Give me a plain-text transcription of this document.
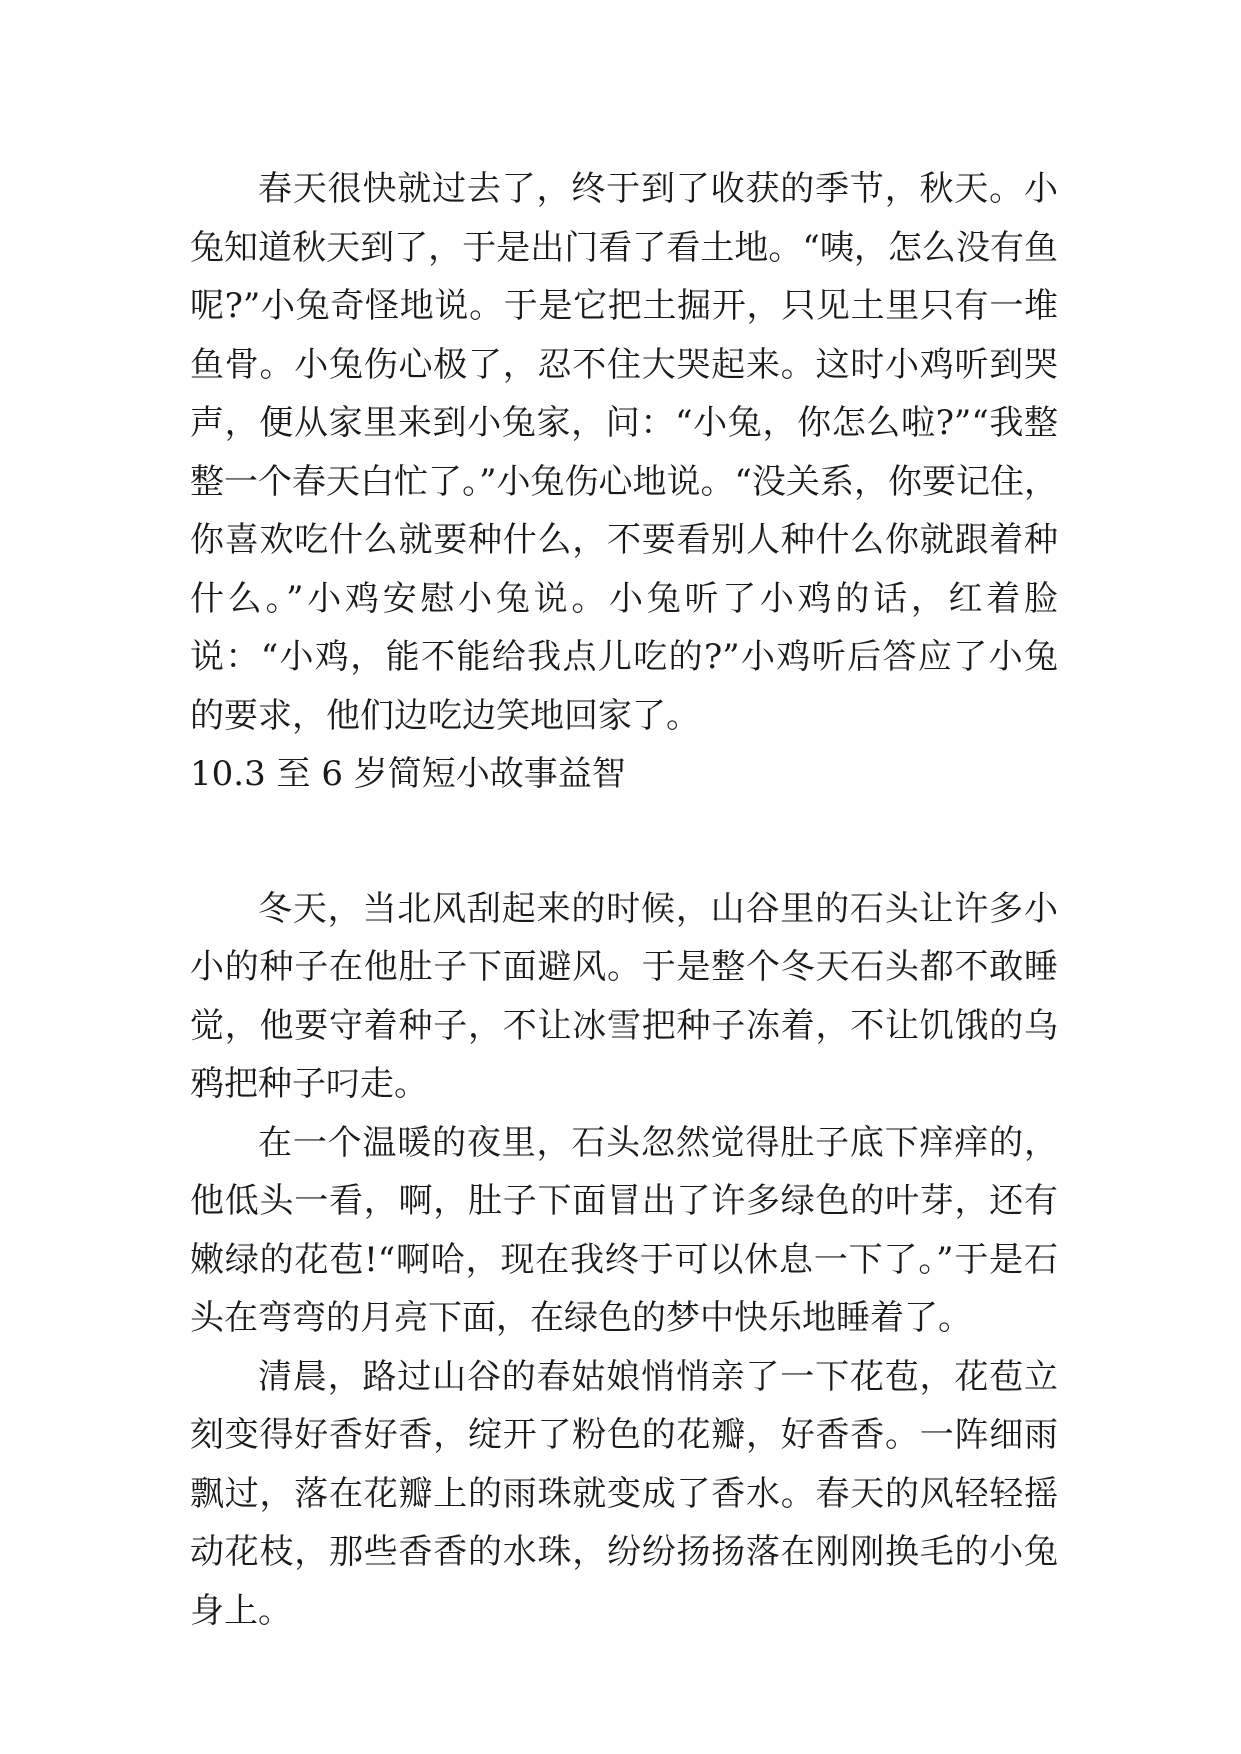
春天很快就过去了，终于到了收获的季节，秋天。小兔知道秋天到了，于是出门看了看土地。“咦，怎么没有鱼呢?”小兔奇怪地说。于是它把土掘开，只见土里只有一堆鱼骨。小兔伤心极了，忍不住大哭起来。这时小鸡听到哭声，便从家里来到小兔家，问：“小兔，你怎么啦?”“我整整一个春天白忙了。”小兔伤心地说。“没关系，你要记住，你喜欢吃什么就要种什么，不要看别人种什么你就跟着种什么。”小鸡安慰小兔说。小兔听了小鸡的话，红着脸说：“小鸡，能不能给我点儿吃的?”小鸡听后答应了小兔的要求，他们边吃边笑地回家了。

10.3 至 6 岁简短小故事益智

冬天，当北风刮起来的时候，山谷里的石头让许多小小的种子在他肚子下面避风。于是整个冬天石头都不敢睡觉，他要守着种子，不让冰雪把种子冻着，不让饥饿的乌鸦把种子叼走。

在一个温暖的夜里，石头忽然觉得肚子底下痒痒的，他低头一看，啊，肚子下面冒出了许多绿色的叶芽，还有嫩绿的花苞!“啊哈，现在我终于可以休息一下了。”于是石头在弯弯的月亮下面，在绿色的梦中快乐地睡着了。

清晨，路过山谷的春姑娘悄悄亲了一下花苞，花苞立刻变得好香好香，绽开了粉色的花瓣，好香香。一阵细雨飘过，落在花瓣上的雨珠就变成了香水。春天的风轻轻摇动花枝，那些香香的水珠，纷纷扬扬落在刚刚换毛的小兔身上。
